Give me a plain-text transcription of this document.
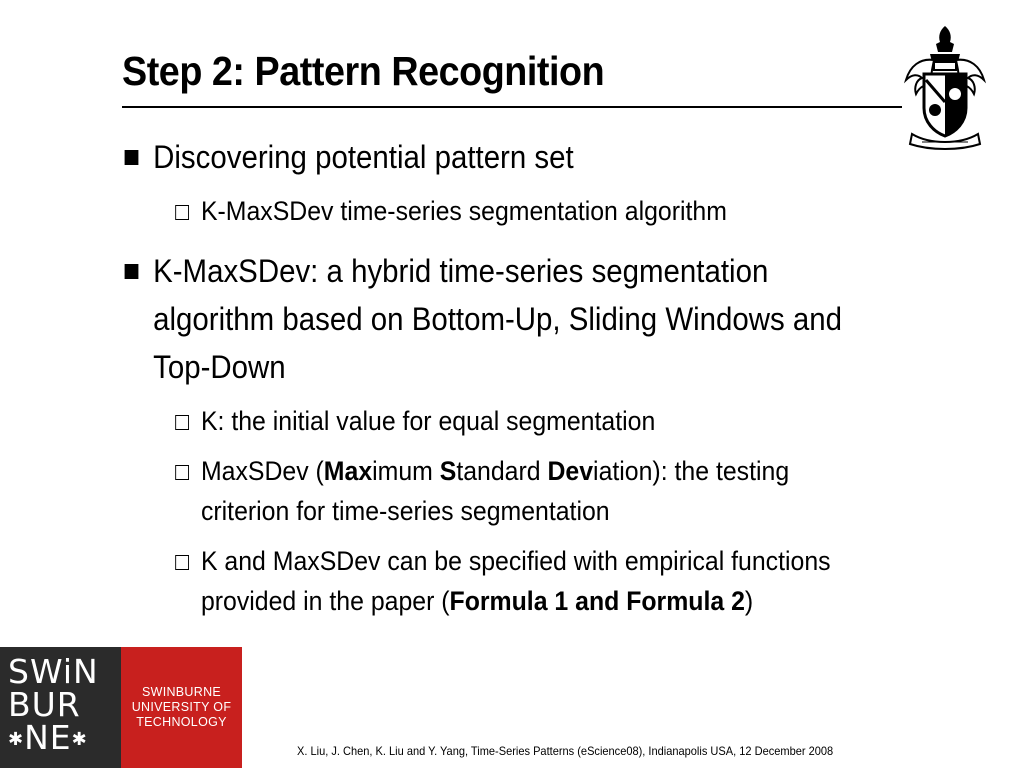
Step 2: Pattern Recognition
Discovering potential pattern set
K-MaxSDev time-series segmentation algorithm
K-MaxSDev: a hybrid time-series segmentation algorithm based on Bottom-Up, Sliding Windows and Top-Down
K: the initial value for equal segmentation
MaxSDev (Maximum Standard Deviation): the testing criterion for time-series segmentation
K and MaxSDev can be specified with empirical functions provided in the paper (Formula 1 and Formula 2)
SWiN
BUR
✱NE✱
SWINBURNE
UNIVERSITY OF
TECHNOLOGY
X. Liu, J. Chen, K. Liu and Y. Yang, Time-Series Patterns (eScience08), Indianapolis USA, 12 December 2008
